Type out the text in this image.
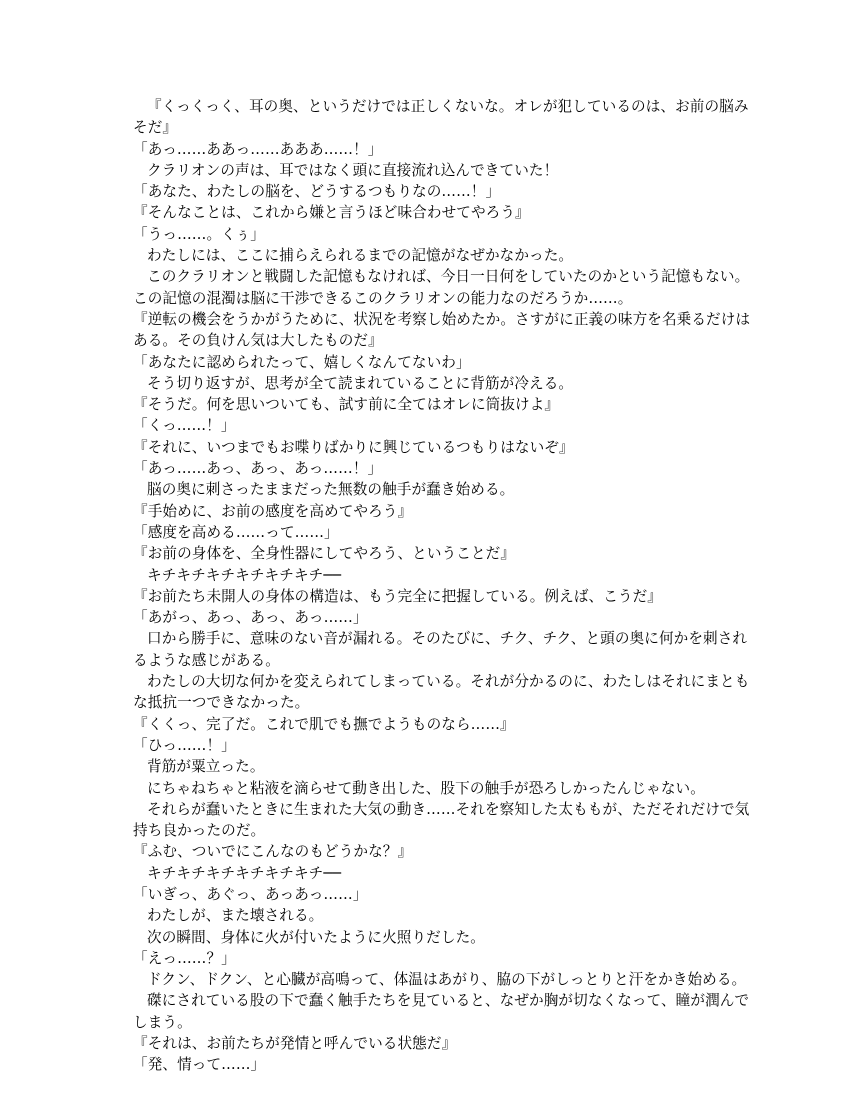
『くっくっく、耳の奥、というだけでは正しくないな。オレが犯しているのは、お前の脳みそだ』

「あっ……ああっ……あああ……！」

クラリオンの声は、耳ではなく頭に直接流れ込んできていた！

「あなた、わたしの脳を、どうするつもりなの……！」

『そんなことは、これから嫌と言うほど味合わせてやろう』

「うっ……。くぅ」

わたしには、ここに捕らえられるまでの記憶がなぜかなかった。

このクラリオンと戦闘した記憶もなければ、今日一日何をしていたのかという記憶もない。この記憶の混濁は脳に干渉できるこのクラリオンの能力なのだろうか……。

『逆転の機会をうかがうために、状況を考察し始めたか。さすがに正義の味方を名乗るだけはある。その負けん気は大したものだ』

「あなたに認められたって、嬉しくなんてないわ」

そう切り返すが、思考が全て読まれていることに背筋が冷える。

『そうだ。何を思いついても、試す前に全てはオレに筒抜けよ』

「くっ……！」

『それに、いつまでもお喋りばかりに興じているつもりはないぞ』

「あっ……あっ、あっ、あっ……！」

脳の奥に刺さったままだった無数の触手が蠢き始める。

『手始めに、お前の感度を高めてやろう』

「感度を高める……って……」

『お前の身体を、全身性器にしてやろう、ということだ』

キチキチキチキチキチキチ──

『お前たち未開人の身体の構造は、もう完全に把握している。例えば、こうだ』

「あがっ、あっ、あっ、あっ……」

口から勝手に、意味のない音が漏れる。そのたびに、チク、チク、と頭の奥に何かを刺されるような感じがある。

わたしの大切な何かを変えられてしまっている。それが分かるのに、わたしはそれにまともな抵抗一つできなかった。

『くくっ、完了だ。これで肌でも撫でようものなら……』

「ひっ……！」

背筋が粟立った。

にちゃねちゃと粘液を滴らせて動き出した、股下の触手が恐ろしかったんじゃない。

それらが蠢いたときに生まれた大気の動き……それを察知した太ももが、ただそれだけで気持ち良かったのだ。

『ふむ、ついでにこんなのもどうかな？』

キチキチキチキチキチキチ──

「いぎっ、あぐっ、あっあっ……」

わたしが、また壊される。

次の瞬間、身体に火が付いたように火照りだした。

「えっ……？」

ドクン、ドクン、と心臓が高鳴って、体温はあがり、脇の下がしっとりと汗をかき始める。

磔にされている股の下で蠢く触手たちを見ていると、なぜか胸が切なくなって、瞳が潤んでしまう。

『それは、お前たちが発情と呼んでいる状態だ』

「発、情って……」
